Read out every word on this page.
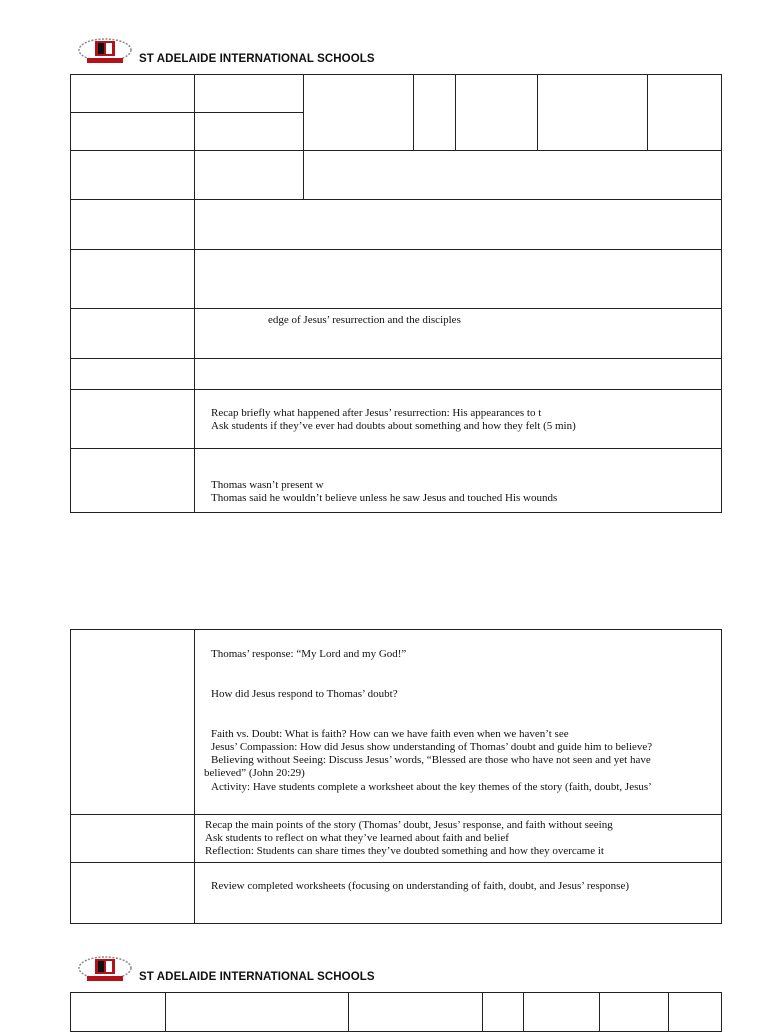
ST ADELAIDE INTERNATIONAL SCHOOLS
edge of Jesus’ resurrection and the disciples
Recap briefly what happened after Jesus’ resurrection: His appearances to t
Ask students if they’ve ever had doubts about something and how they felt (5 min)
Thomas wasn’t present w
Thomas said he wouldn’t believe unless he saw Jesus and touched His wounds
Thomas’ response: “My Lord and my God!”
How did Jesus respond to Thomas’ doubt?
Faith vs. Doubt: What is faith? How can we have faith even when we haven’t see
Jesus’ Compassion: How did Jesus show understanding of Thomas’ doubt and guide him to believe?
Believing without Seeing: Discuss Jesus’ words, “Blessed are those who have not seen and yet have
believed” (John 20:29)
Activity: Have students complete a worksheet about the key themes of the story (faith, doubt, Jesus’
Recap the main points of the story (Thomas’ doubt, Jesus’ response, and faith without seeing
Ask students to reflect on what they’ve learned about faith and belief
Reflection: Students can share times they’ve doubted something and how they overcame it
Review completed worksheets (focusing on understanding of faith, doubt, and Jesus’ response)
ST ADELAIDE INTERNATIONAL SCHOOLS
